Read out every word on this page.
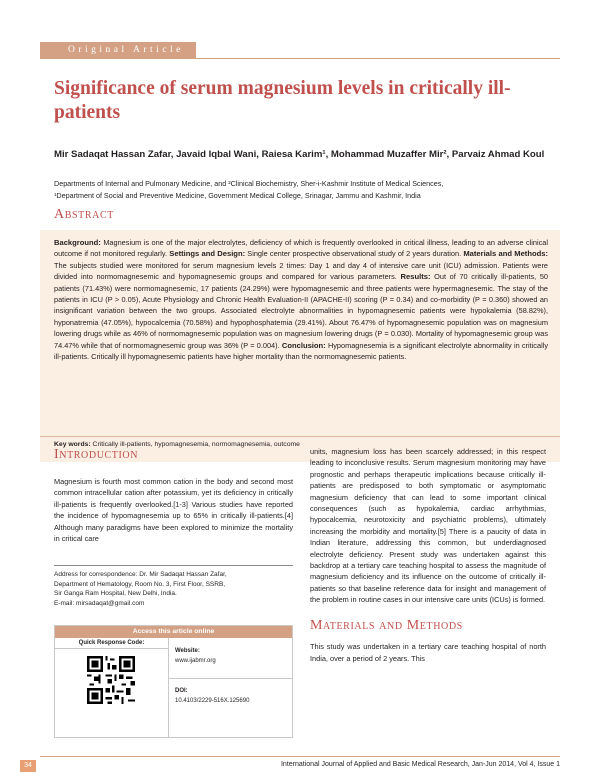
Original Article
Significance of serum magnesium levels in critically ill-patients
Mir Sadaqat Hassan Zafar, Javaid Iqbal Wani, Raiesa Karim¹, Mohammad Muzaffer Mir², Parvaiz Ahmad Koul
Departments of Internal and Pulmonary Medicine, and ²Clinical Biochemistry, Sher-i-Kashmir Institute of Medical Sciences,
¹Department of Social and Preventive Medicine, Government Medical College, Srinagar, Jammu and Kashmir, India
Abstract
Background: Magnesium is one of the major electrolytes, deficiency of which is frequently overlooked in critical illness, leading to an adverse clinical outcome if not monitored regularly. Settings and Design: Single center prospective observational study of 2 years duration. Materials and Methods: The subjects studied were monitored for serum magnesium levels 2 times: Day 1 and day 4 of intensive care unit (ICU) admission. Patients were divided into normomagnesemic and hypomagnesemic groups and compared for various parameters. Results: Out of 70 critically ill-patients, 50 patients (71.43%) were normomagnesemic, 17 patients (24.29%) were hypomagnesemic and three patients were hypermagnesemic. The stay of the patients in ICU (P > 0.05), Acute Physiology and Chronic Health Evaluation-II (APACHE-II) scoring (P = 0.34) and co-morbidity (P = 0.360) showed an insignificant variation between the two groups. Associated electrolyte abnormalities in hypomagnesemic patients were hypokalemia (58.82%), hyponatremia (47.05%), hypocalcemia (70.58%) and hypophosphatemia (29.41%). About 76.47% of hypomagnesemic population was on magnesium lowering drugs while as 46% of normomagnesemic population was on magnesium lowering drugs (P = 0.030). Mortality of hypomagnesemic group was 74.47% while that of normomagnesemic group was 36% (P = 0.004). Conclusion: Hypomagnesemia is a significant electrolyte abnormality in critically ill-patients. Critically ill hypomagnesemic patients have higher mortality than the normomagnesemic patients.
Key words: Critically ill-patients, hypomagnesemia, normomagnesemia, outcome
Introduction
Magnesium is fourth most common cation in the body and second most common intracellular cation after potassium, yet its deficiency in critically ill-patients is frequently overlooked.[1-3] Various studies have reported the incidence of hypomagnesemia up to 65% in critically ill-patients.[4] Although many paradigms have been explored to minimize the mortality in critical care
Address for correspondence: Dr. Mir Sadaqat Hassan Zafar,
Department of Hematology, Room No. 3, First Floor, SSRB,
Sir Ganga Ram Hospital, New Delhi, India.
E-mail: mirsadaqat@gmail.com
Access this article online
Quick Response Code:
Website:
www.ijabmr.org
DOI:
10.4103/2229-516X.125690
units, magnesium loss has been scarcely addressed; in this respect leading to inconclusive results. Serum magnesium monitoring may have prognostic and perhaps therapeutic implications because critically ill-patients are predisposed to both symptomatic or asymptomatic magnesium deficiency that can lead to some important clinical consequences (such as hypokalemia, cardiac arrhythmias, hypocalcemia, neurotoxicity and psychiatric problems), ultimately increasing the morbidity and mortality.[5] There is a paucity of data in Indian literature, addressing this common, but underdiagnosed electrolyte deficiency. Present study was undertaken against this backdrop at a tertiary care teaching hospital to assess the magnitude of magnesium deficiency and its influence on the outcome of critically ill-patients so that baseline reference data for insight and management of the problem in routine cases in our intensive care units (ICUs) is formed.
Materials and Methods
This study was undertaken in a tertiary care teaching hospital of north India, over a period of 2 years. This
34	International Journal of Applied and Basic Medical Research, Jan-Jun 2014, Vol 4, Issue 1
